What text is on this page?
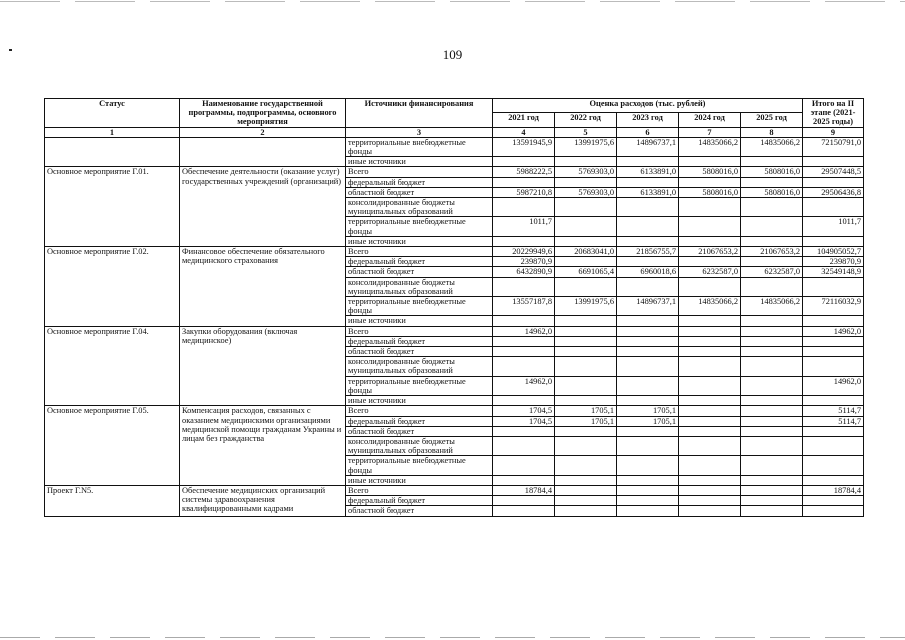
109
Статус	Наименование государственной программы, подпрограммы, основного мероприятия	Источники финансирования	Оценка расходов (тыс. рублей)					Итого на II этапе (2021-2025 годы)
			2021 год	2022 год	2023 год	2024 год	2025 год	
1	2	3	4	5	6	7	8	9
		территориальные внебюджетные фонды	13591945,9	13991975,6	14896737,1	14835066,2	14835066,2	72150791,0
		иные источники						
Основное мероприятие Г.01.	Обеспечение деятельности (оказание услуг) государственных учреждений (организаций)	Всего	5988222,5	5769303,0	6133891,0	5808016,0	5808016,0	29507448,5
		федеральный бюджет						
		областной бюджет	5987210,8	5769303,0	6133891,0	5808016,0	5808016,0	29506436,8
		консолидированные бюджеты муниципальных образований						
		территориальные внебюджетные фонды	1011,7					1011,7
		иные источники						
Основное мероприятие Г.02.	Финансовое обеспечение обязательного медицинского страхования	Всего	20229949,6	20683041,0	21856755,7	21067653,2	21067653,2	104905052,7
		федеральный бюджет	239870,9					239870,9
		областной бюджет	6432890,9	6691065,4	6960018,6	6232587,0	6232587,0	32549148,9
		консолидированные бюджеты муниципальных образований						
		территориальные внебюджетные фонды	13557187,8	13991975,6	14896737,1	14835066,2	14835066,2	72116032,9
		иные источники						
Основное мероприятие Г.04.	Закупки оборудования (включая медицинское)	Всего	14962,0					14962,0
		федеральный бюджет						
		областной бюджет						
		консолидированные бюджеты муниципальных образований						
		территориальные внебюджетные фонды	14962,0					14962,0
		иные источники						
Основное мероприятие Г.05.	Компенсация расходов, связанных с оказанием медицинскими организациями медицинской помощи гражданам Украины и лицам без гражданства	Всего	1704,5	1705,1	1705,1			5114,7
		федеральный бюджет	1704,5	1705,1	1705,1			5114,7
		областной бюджет						
		консолидированные бюджеты муниципальных образований						
		территориальные внебюджетные фонды						
		иные источники						
Проект Г.N5.	Обеспечение медицинских организаций системы здравоохранения квалифицированными кадрами	Всего	18784,4					18784,4
		федеральный бюджет						
		областной бюджет						
